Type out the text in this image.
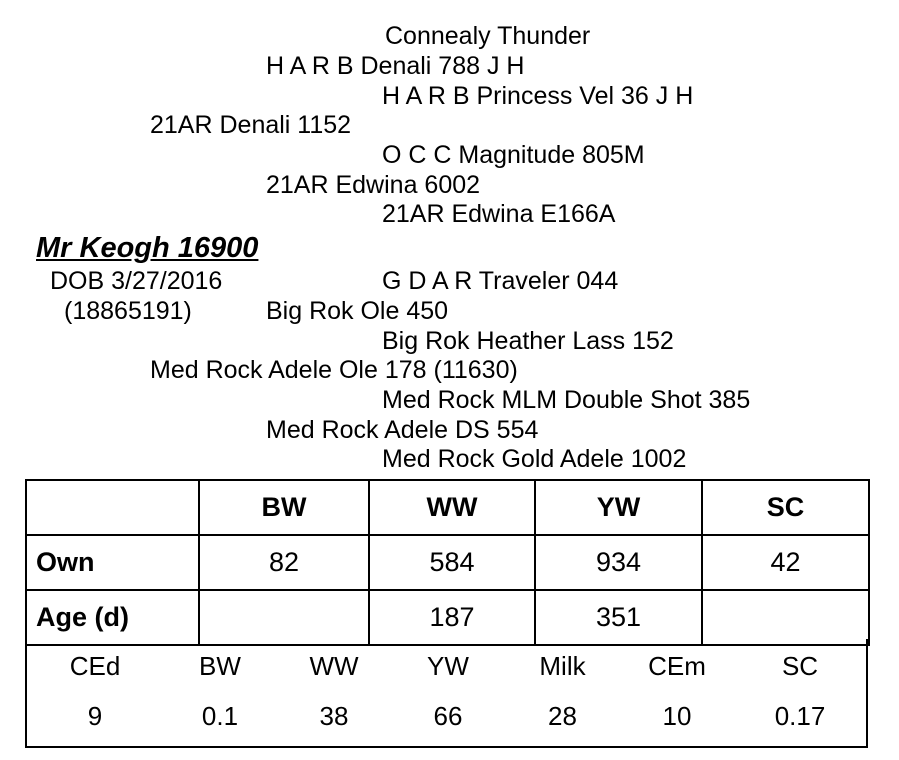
Connealy Thunder
H A R B Denali 788 J H
H A R B Princess Vel 36 J H
21AR Denali 1152
O C C Magnitude 805M
21AR Edwina 6002
21AR Edwina E166A
Mr Keogh 16900
DOB 3/27/2016
(18865191)
G D A R Traveler 044
Big Rok Ole 450
Big Rok Heather Lass 152
Med Rock Adele Ole 178 (11630)
Med Rock MLM Double Shot 385
Med Rock Adele DS 554
Med Rock Gold Adele 1002
	BW	WW	YW	SC
Own	82	584	934	42
Age (d)		187	351	
CEd	BW	WW	YW	Milk	CEm	SC
9	0.1	38	66	28	10	0.17
